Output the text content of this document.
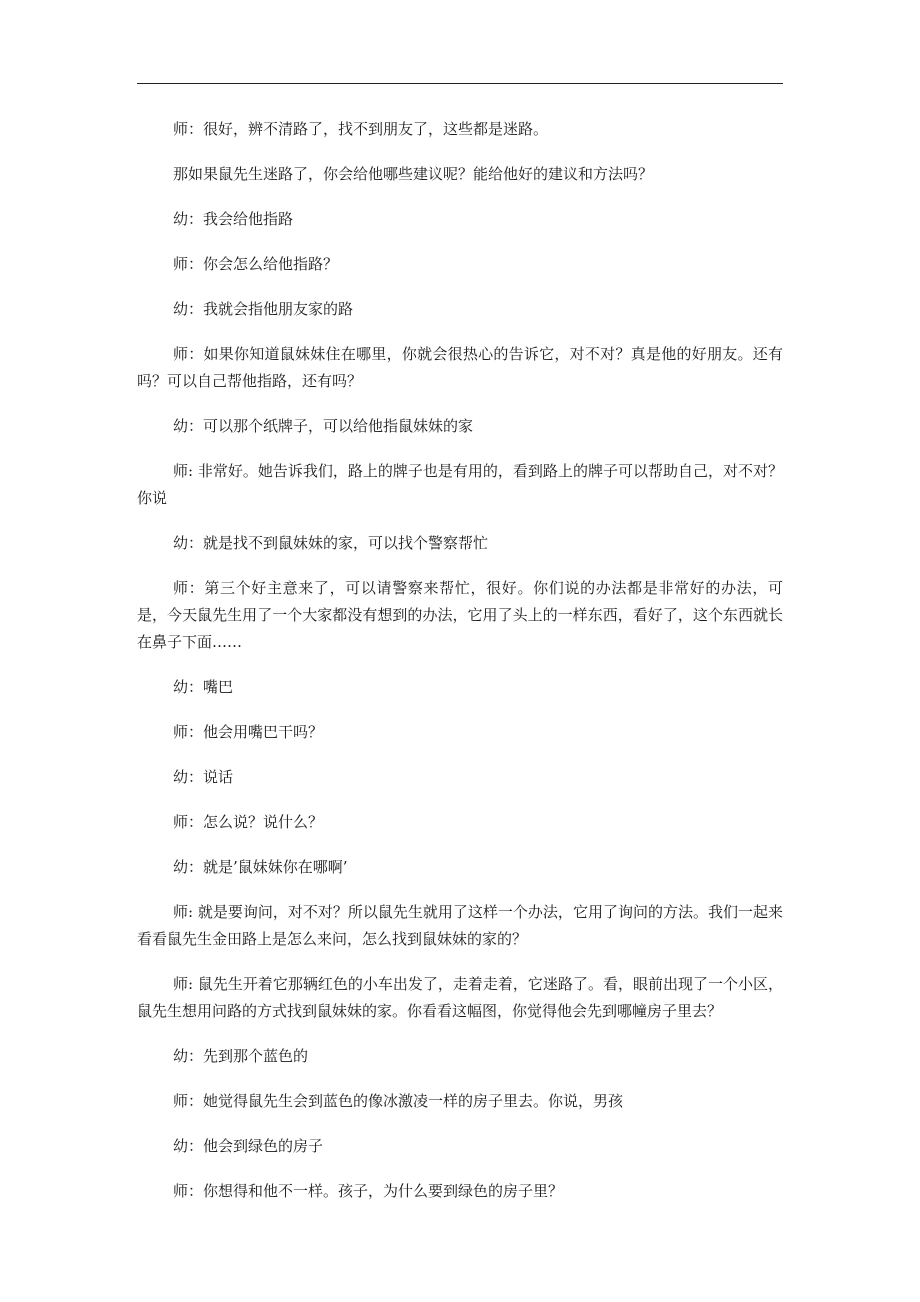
师：很好，辨不清路了，找不到朋友了，这些都是迷路。

那如果鼠先生迷路了，你会给他哪些建议呢？能给他好的建议和方法吗？

幼：我会给他指路

师：你会怎么给他指路？

幼：我就会指他朋友家的路

师：如果你知道鼠妹妹住在哪里，你就会很热心的告诉它，对不对？真是他的好朋友。还有吗？可以自己帮他指路，还有吗？

幼：可以那个纸牌子，可以给他指鼠妹妹的家

师: 非常好。她告诉我们，路上的牌子也是有用的，看到路上的牌子可以帮助自己，对不对？你说

幼：就是找不到鼠妹妹的家，可以找个警察帮忙

师：第三个好主意来了，可以请警察来帮忙，很好。你们说的办法都是非常好的办法，可是，今天鼠先生用了一个大家都没有想到的办法，它用了头上的一样东西，看好了，这个东西就长在鼻子下面……

幼：嘴巴

师：他会用嘴巴干吗？

幼：说话

师：怎么说？说什么？

幼：就是’鼠妹妹你在哪啊’

师: 就是要询问，对不对？所以鼠先生就用了这样一个办法，它用了询问的方法。我们一起来看看鼠先生金田路上是怎么来问，怎么找到鼠妹妹的家的？

师: 鼠先生开着它那辆红色的小车出发了，走着走着，它迷路了。看，眼前出现了一个小区，鼠先生想用问路的方式找到鼠妹妹的家。你看看这幅图，你觉得他会先到哪幢房子里去？

幼：先到那个蓝色的

师：她觉得鼠先生会到蓝色的像冰激凌一样的房子里去。你说，男孩

幼：他会到绿色的房子

师：你想得和他不一样。孩子，为什么要到绿色的房子里？
